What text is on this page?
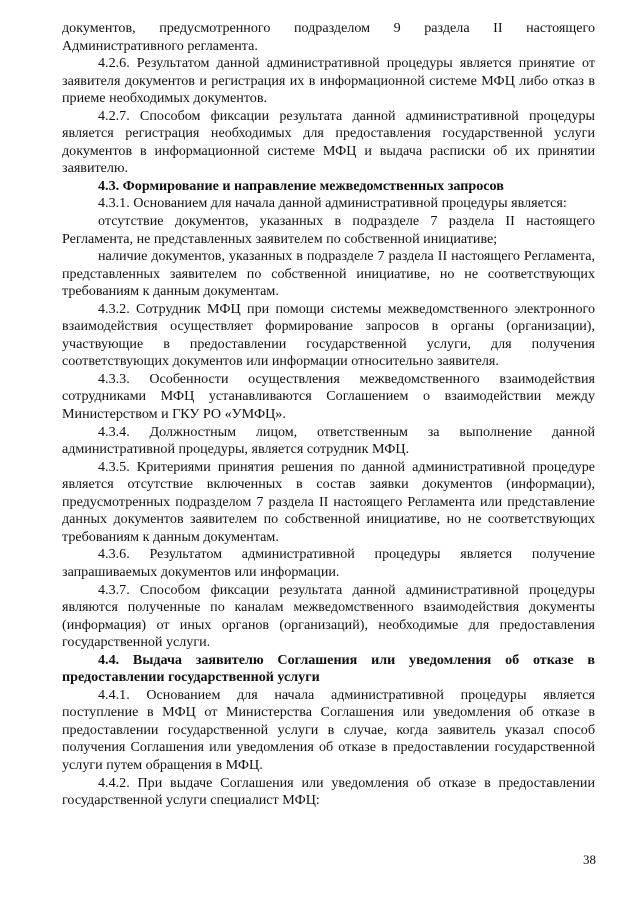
документов, предусмотренного подразделом 9 раздела II настоящего Административного регламента.

4.2.6. Результатом данной административной процедуры является принятие от заявителя документов и регистрация их в информационной системе МФЦ либо отказ в приеме необходимых документов.

4.2.7. Способом фиксации результата данной административной процедуры является регистрация необходимых для предоставления государственной услуги документов в информационной системе МФЦ и выдача расписки об их принятии заявителю.

4.3. Формирование и направление межведомственных запросов

4.3.1. Основанием для начала данной административной процедуры является:

отсутствие документов, указанных в подразделе 7 раздела II настоящего Регламента, не представленных заявителем по собственной инициативе;

наличие документов, указанных в подразделе 7 раздела II настоящего Регламента, представленных заявителем по собственной инициативе, но не соответствующих требованиям к данным документам.

4.3.2. Сотрудник МФЦ при помощи системы межведомственного электронного взаимодействия осуществляет формирование запросов в органы (организации), участвующие в предоставлении государственной услуги, для получения соответствующих документов или информации относительно заявителя.

4.3.3. Особенности осуществления межведомственного взаимодействия сотрудниками МФЦ устанавливаются Соглашением о взаимодействии между Министерством и ГКУ РО «УМФЦ».

4.3.4. Должностным лицом, ответственным за выполнение данной административной процедуры, является сотрудник МФЦ.

4.3.5. Критериями принятия решения по данной административной процедуре является отсутствие включенных в состав заявки документов (информации), предусмотренных подразделом 7 раздела II настоящего Регламента или представление данных документов заявителем по собственной инициативе, но не соответствующих требованиям к данным документам.

4.3.6. Результатом административной процедуры является получение запрашиваемых документов или информации.

4.3.7. Способом фиксации результата данной административной процедуры являются полученные по каналам межведомственного взаимодействия документы (информация) от иных органов (организаций), необходимые для предоставления государственной услуги.

4.4. Выдача заявителю Соглашения или уведомления об отказе в предоставлении государственной услуги

4.4.1. Основанием для начала административной процедуры является поступление в МФЦ от Министерства Соглашения или уведомления об отказе в предоставлении государственной услуги в случае, когда заявитель указал способ получения Соглашения или уведомления об отказе в предоставлении государственной услуги путем обращения в МФЦ.

4.4.2. При выдаче Соглашения или уведомления об отказе в предоставлении государственной услуги специалист МФЦ:

38
